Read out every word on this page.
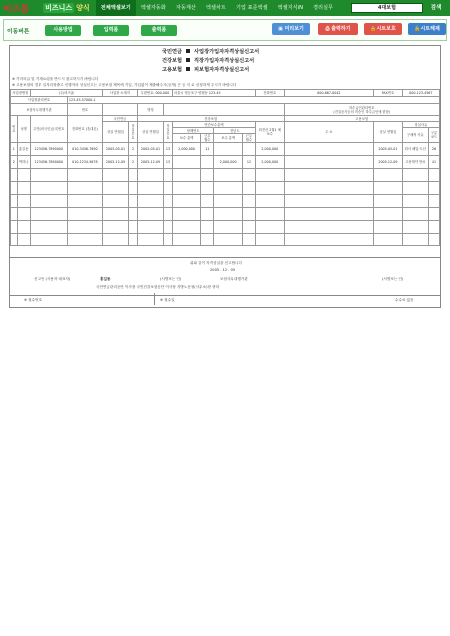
비즈폼 비즈니스 양식	전체엑셀보기	엑셀자동화	자동계산	엑셀차트	기업 표준엑셀	엑셀지식iN	경리실무	4대보험	검색
이동버튼	사용방법	입력폼	출력폼	▣ 미리보기	⎙ 출력하기	🔒시트보호	🔓시트해제
국민연금 사업장가입자자격상실신고서
건강보험 직장가입자자격상실신고서
고용보험 피보험자자격상실신고서
※ 가히의글 및 기재요령을 반드시 참고하시기 바랍니다
※ 고용보험의 경우 일자리창출고 인행자의 상실신고는 고용보험 제목에 기입, 가입없이 제출해주시(공개) 곤 등 지 로 신청하게 주시기 바랍니다
사업장명칭		(주)비즈폼		사업장 소재지		우편번호: 000-000		서울시 영등포구 양평동 123-45				전화번호	000-667-0042	FAX번호	000-123-4567	
사업장관리번호			123-45-57000-1													
보험사무대행기관			번호			명칭							하수급인관리번호
(건설공사등의 미승인 하수급인에 한함)			

번호	성명	주민(외국인)등록번호	전화번호 (휴대폰)	국민연금		건강보험							고용보험			
				상실 연월일	상실 부호	상실 연월일	상실 부호	연간보수총액				회전산 2월1 체 보수	주 소	상실 연월일	상실사유	
								당해연도		전년도					구체적 사유	구분 코드
								보수 총액	근무 월수	보수 총액	근무 월수					
1	홍길동	123456-7890000	010-3456-7890	2005-05-01	2	2005-05-01	13	2,000,000	11			2,000,000		2005-05-01	회사 폐업·도산	26
2	박하나	123456-7890000	010-1234-5678	2005-12-09	2	2005-12-09	13			2,000,000	12	2,000,000		2005-12-09	고용계약 만료	41

위와 같이 자격상실을 신고합니다
2005 . 12 . 05
신고인 (사용자·대표자)	홍길동	(서명또는 인)	보험사무대행기관	(서명또는 인)
국민연금관리공단 이사장 국민건강보험공단 이사장 지방노동청(사무소)장 귀하
※ 접수번호	※ 접수일	수수료 없음
